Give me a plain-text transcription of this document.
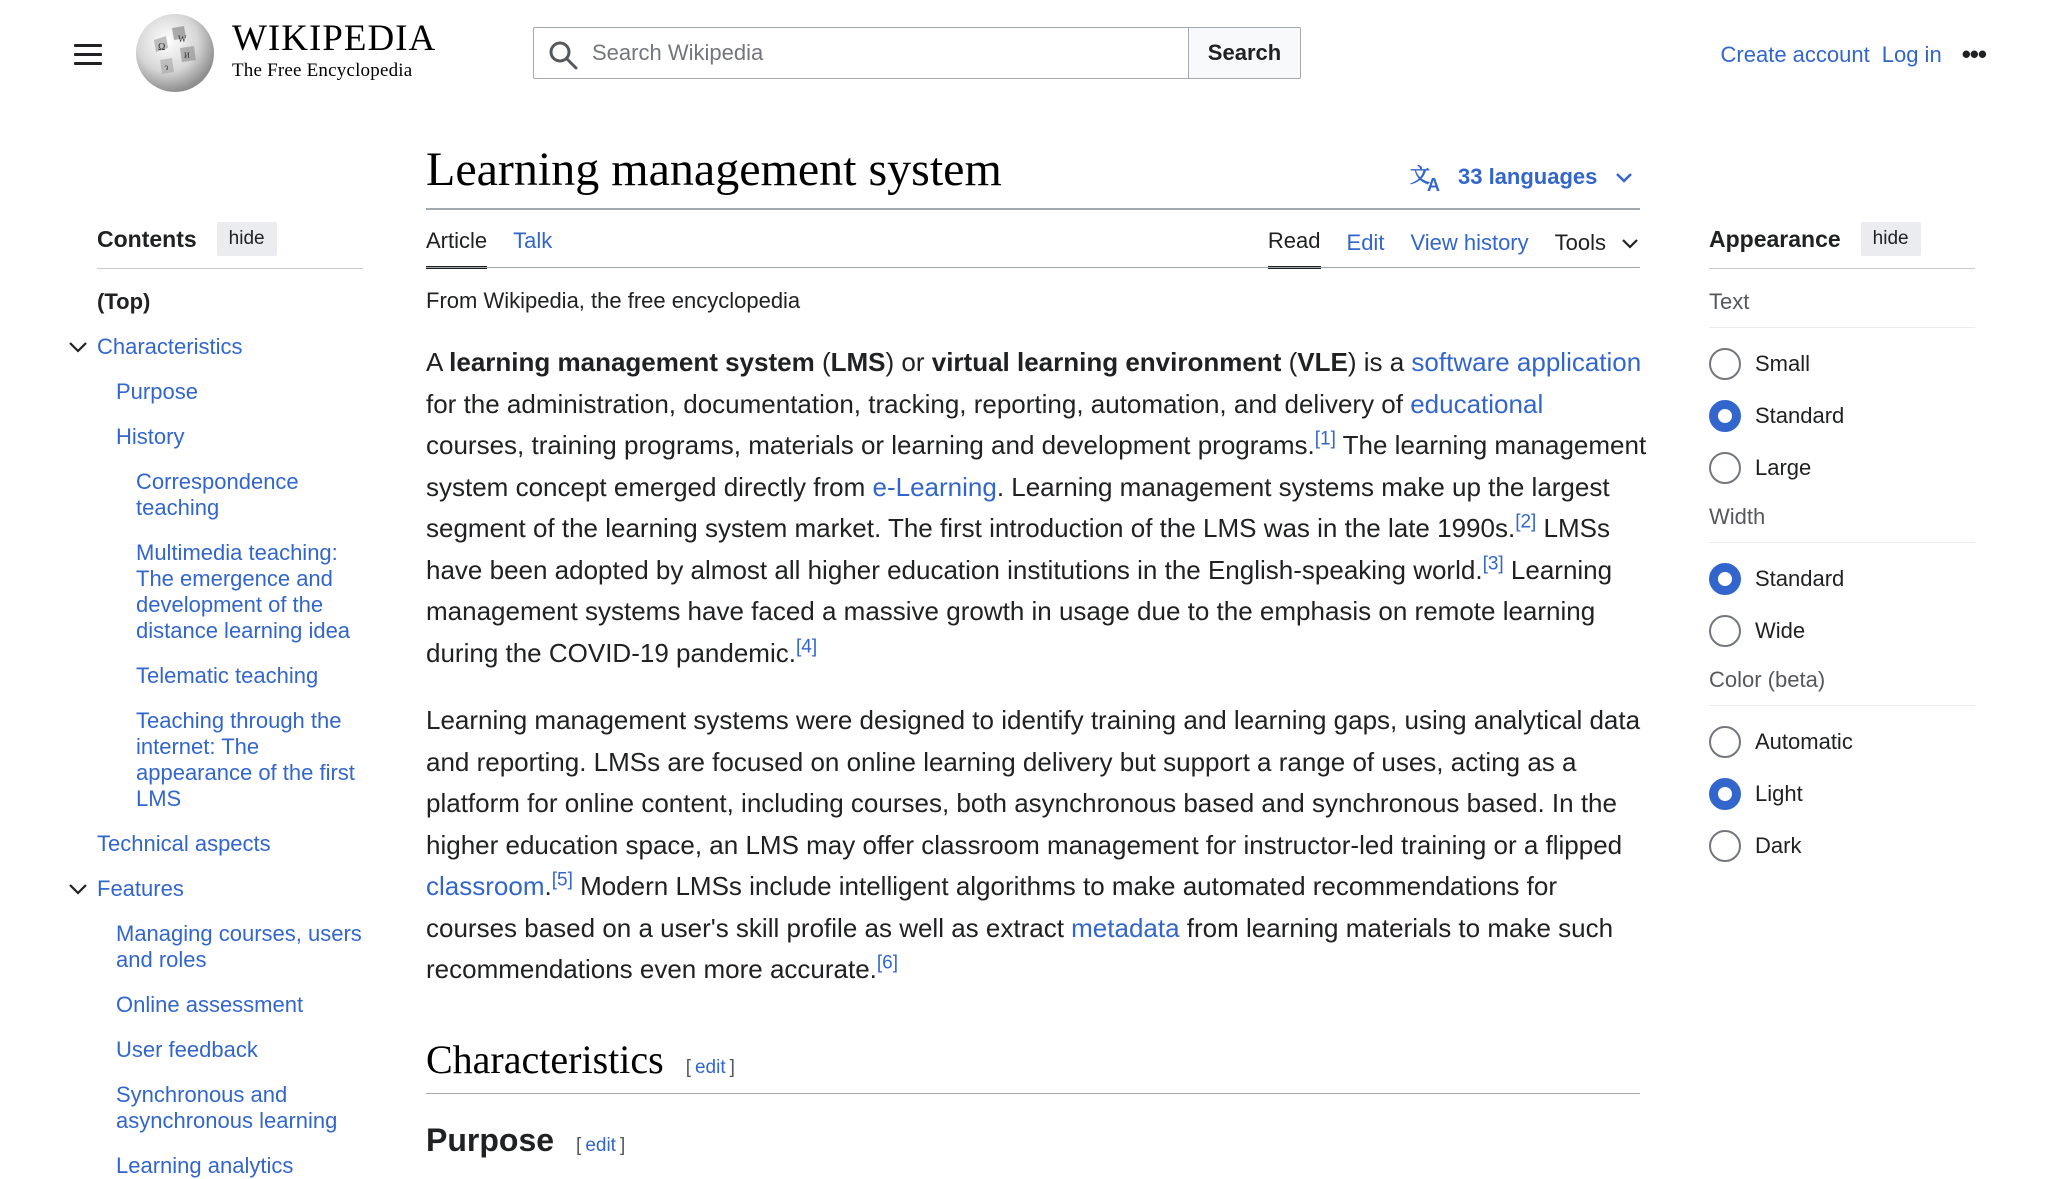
Ω
W
И
ว
WIKIPEDIA
The Free Encyclopedia
Search Wikipedia
Search	Create account Log in •••
Learning management system	文
A 33 languages
Article Talk	Read Edit View history Tools
From Wikipedia, the free encyclopedia

A learning management system (LMS) or virtual learning environment (VLE) is a software application for the administration, documentation, tracking, reporting, automation, and delivery of educational courses, training programs, materials or learning and development programs.[1] The learning management system concept emerged directly from e-Learning. Learning management systems make up the largest segment of the learning system market. The first introduction of the LMS was in the late 1990s.[2] LMSs have been adopted by almost all higher education institutions in the English-speaking world.[3] Learning management systems have faced a massive growth in usage due to the emphasis on remote learning during the COVID-19 pandemic.[4]

Learning management systems were designed to identify training and learning gaps, using analytical data and reporting. LMSs are focused on online learning delivery but support a range of uses, acting as a platform for online content, including courses, both asynchronous based and synchronous based. In the higher education space, an LMS may offer classroom management for instructor-led training or a flipped classroom.[5] Modern LMSs include intelligent algorithms to make automated recommendations for courses based on a user's skill profile as well as extract metadata from learning materials to make such recommendations even more accurate.[6]

Characteristics [ edit ]
Purpose [ edit ]
Contents	hide
(Top)
Characteristics
Purpose
History
Correspondence teaching
Multimedia teaching: The emergence and development of the distance learning idea
Telematic teaching
Teaching through the internet: The appearance of the first LMS
Technical aspects
Features
Managing courses, users and roles
Online assessment
User feedback
Synchronous and asynchronous learning
Learning analytics
Appearance	hide
Text
Small
Standard
Large
Width
Standard
Wide
Color (beta)
Automatic
Light
Dark
